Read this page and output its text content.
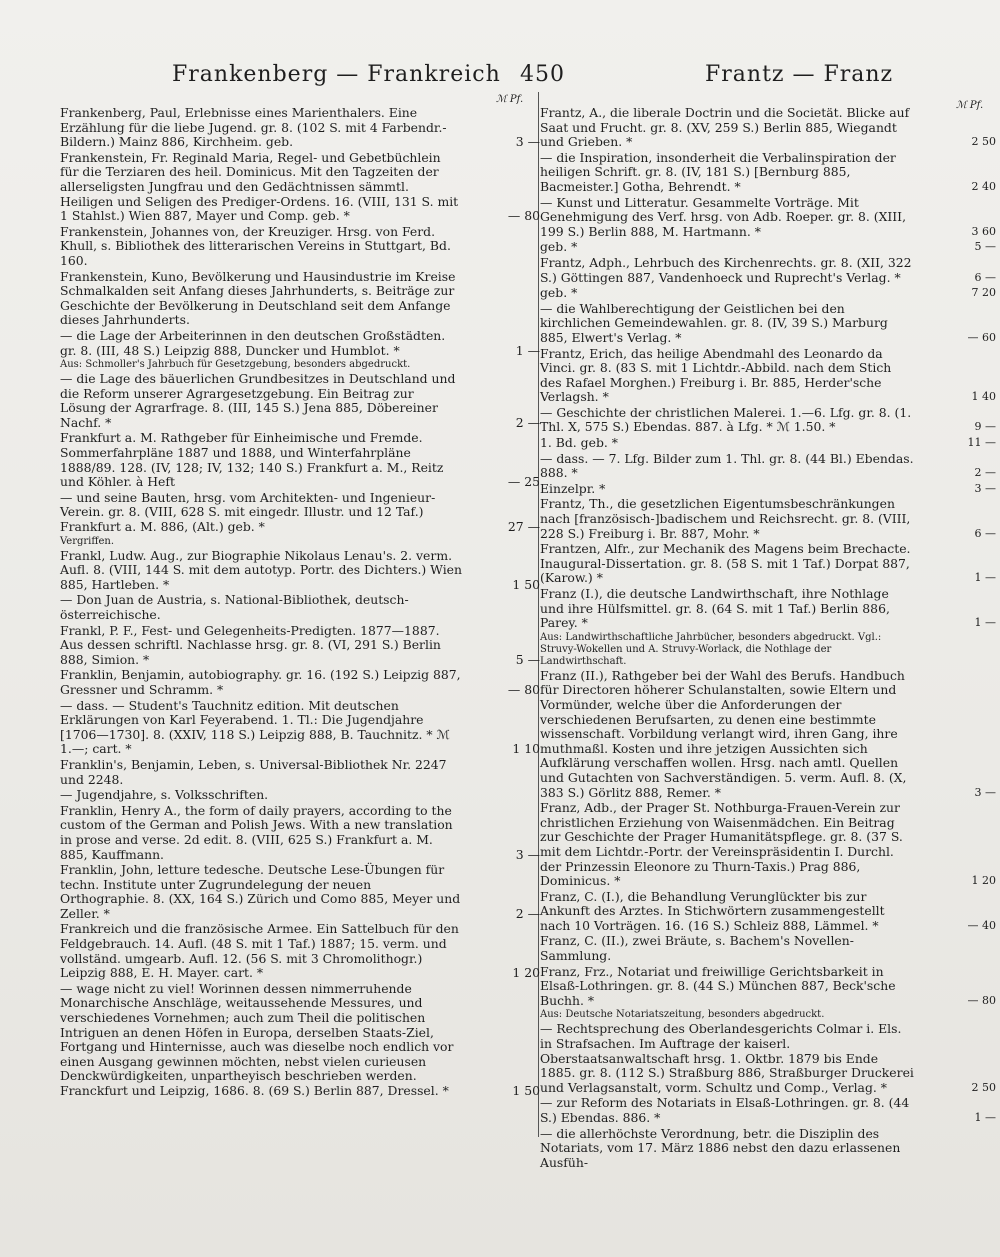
Frankenberg — Frankreich 450	Frantz — Franz
ℳ Pf.
ℳ Pf.
Frankenberg, Paul, Erlebnisse eines Marienthalers. Eine Erzählung für die liebe Jugend. gr. 8. (102 S. mit 4 Farbendr.-Bildern.) Mainz 886, Kirchheim. geb.	3 —
Frankenstein, Fr. Reginald Maria, Regel- und Gebetbüchlein für die Terziaren des heil. Dominicus. Mit den Tagzeiten der allerseligsten Jungfrau und den Gedächtnissen sämmtl. Heiligen und Seligen des Prediger-Ordens. 16. (VIII, 131 S. mit 1 Stahlst.) Wien 887, Mayer und Comp. geb. *	— 80
Frankenstein, Johannes von, der Kreuziger. Hrsg. von Ferd. Khull, s. Bibliothek des litterarischen Vereins in Stuttgart, Bd. 160.
Frankenstein, Kuno, Bevölkerung und Hausindustrie im Kreise Schmalkalden seit Anfang dieses Jahrhunderts, s. Beiträge zur Geschichte der Bevölkerung in Deutschland seit dem Anfange dieses Jahrhunderts.
— die Lage der Arbeiterinnen in den deutschen Großstädten. gr. 8. (III, 48 S.) Leipzig 888, Duncker und Humblot. *	1 —
Aus: Schmoller's Jahrbuch für Gesetzgebung, besonders abgedruckt.
— die Lage des bäuerlichen Grundbesitzes in Deutschland und die Reform unserer Agrargesetzgebung. Ein Beitrag zur Lösung der Agrarfrage. 8. (III, 145 S.) Jena 885, Döbereiner Nachf. *	2 —
Frankfurt a. M. Rathgeber für Einheimische und Fremde. Sommerfahrpläne 1887 und 1888, und Winterfahrpläne 1888/89. 128. (IV, 128; IV, 132; 140 S.) Frankfurt a. M., Reitz und Köhler. à Heft	— 25
— und seine Bauten, hrsg. vom Architekten- und Ingenieur-Verein. gr. 8. (VIII, 628 S. mit eingedr. Illustr. und 12 Taf.) Frankfurt a. M. 886, (Alt.) geb. *	27 —
Vergriffen.
Frankl, Ludw. Aug., zur Biographie Nikolaus Lenau's. 2. verm. Aufl. 8. (VIII, 144 S. mit dem autotyp. Portr. des Dichters.) Wien 885, Hartleben. *	1 50
— Don Juan de Austria, s. National-Bibliothek, deutsch-österreichische.
Frankl, P. F., Fest- und Gelegenheits-Predigten. 1877—1887. Aus dessen schriftl. Nachlasse hrsg. gr. 8. (VI, 291 S.) Berlin 888, Simion. *	5 —
Franklin, Benjamin, autobiography. gr. 16. (192 S.) Leipzig 887, Gressner und Schramm. *	— 80
— dass. — Student's Tauchnitz edition. Mit deutschen Erklärungen von Karl Feyerabend. 1. Tl.: Die Jugendjahre [1706—1730]. 8. (XXIV, 118 S.) Leipzig 888, B. Tauchnitz. * ℳ 1.—; cart. *	1 10
Franklin's, Benjamin, Leben, s. Universal-Bibliothek Nr. 2247 und 2248.
— Jugendjahre, s. Volksschriften.
Franklin, Henry A., the form of daily prayers, according to the custom of the German and Polish Jews. With a new translation in prose and verse. 2d edit. 8. (VIII, 625 S.) Frankfurt a. M. 885, Kauffmann.	3 —
Franklin, John, letture tedesche. Deutsche Lese-Übungen für techn. Institute unter Zugrundelegung der neuen Orthographie. 8. (XX, 164 S.) Zürich und Como 885, Meyer und Zeller. *	2 —
Frankreich und die französische Armee. Ein Sattelbuch für den Feldgebrauch. 14. Aufl. (48 S. mit 1 Taf.) 1887; 15. verm. und vollständ. umgearb. Aufl. 12. (56 S. mit 3 Chromolithogr.) Leipzig 888, E. H. Mayer. cart. *	1 20
— wage nicht zu viel! Worinnen dessen nimmerruhende Monarchische Anschläge, weitaussehende Messures, und verschiedenes Vornehmen; auch zum Theil die politischen Intriguen an denen Höfen in Europa, derselben Staats-Ziel, Fortgang und Hinternisse, auch was dieselbe noch endlich vor einen Ausgang gewinnen möchten, nebst vielen curieusen Denckwürdigkeiten, unpartheyisch beschrieben werden. Franckfurt und Leipzig, 1686. 8. (69 S.) Berlin 887, Dressel. *	1 50
Frantz, A., die liberale Doctrin und die Societät. Blicke auf Saat und Frucht. gr. 8. (XV, 259 S.) Berlin 885, Wiegandt und Grieben. *	2 50
— die Inspiration, insonderheit die Verbalinspiration der heiligen Schrift. gr. 8. (IV, 181 S.) [Bernburg 885, Bacmeister.] Gotha, Behrendt. *	2 40
— Kunst und Litteratur. Gesammelte Vorträge. Mit Genehmigung des Verf. hrsg. von Adb. Roeper. gr. 8. (XIII, 199 S.) Berlin 888, M. Hartmann. *	3 60
geb. *	5 —
Frantz, Adph., Lehrbuch des Kirchenrechts. gr. 8. (XII, 322 S.) Göttingen 887, Vandenhoeck und Ruprecht's Verlag. *	6 —
geb. *	7 20
— die Wahlberechtigung der Geistlichen bei den kirchlichen Gemeindewahlen. gr. 8. (IV, 39 S.) Marburg 885, Elwert's Verlag. *	— 60
Frantz, Erich, das heilige Abendmahl des Leonardo da Vinci. gr. 8. (83 S. mit 1 Lichtdr.-Abbild. nach dem Stich des Rafael Morghen.) Freiburg i. Br. 885, Herder'sche Verlagsh. *	1 40
— Geschichte der christlichen Malerei. 1.—6. Lfg. gr. 8. (1. Thl. X, 575 S.) Ebendas. 887. à Lfg. * ℳ 1.50. *	9 —
1. Bd. geb. *	11 —
— dass. — 7. Lfg. Bilder zum 1. Thl. gr. 8. (44 Bl.) Ebendas. 888. *	2 —
Einzelpr. *	3 —
Frantz, Th., die gesetzlichen Eigentumsbeschränkungen nach [französisch-]badischem und Reichsrecht. gr. 8. (VIII, 228 S.) Freiburg i. Br. 887, Mohr. *	6 —
Frantzen, Alfr., zur Mechanik des Magens beim Brechacte. Inaugural-Dissertation. gr. 8. (58 S. mit 1 Taf.) Dorpat 887, (Karow.) *	1 —
Franz (I.), die deutsche Landwirthschaft, ihre Nothlage und ihre Hülfsmittel. gr. 8. (64 S. mit 1 Taf.) Berlin 886, Parey. *	1 —
Aus: Landwirthschaftliche Jahrbücher, besonders abgedruckt. Vgl.: Struvy-Wokellen und A. Struvy-Worlack, die Nothlage der Landwirthschaft.
Franz (II.), Rathgeber bei der Wahl des Berufs. Handbuch für Directoren höherer Schulanstalten, sowie Eltern und Vormünder, welche über die Anforderungen der verschiedenen Berufsarten, zu denen eine bestimmte wissenschaft. Vorbildung verlangt wird, ihren Gang, ihre muthmaßl. Kosten und ihre jetzigen Aussichten sich Aufklärung verschaffen wollen. Hrsg. nach amtl. Quellen und Gutachten von Sachverständigen. 5. verm. Aufl. 8. (X, 383 S.) Görlitz 888, Remer. *	3 —
Franz, Adb., der Prager St. Nothburga-Frauen-Verein zur christlichen Erziehung von Waisenmädchen. Ein Beitrag zur Geschichte der Prager Humanitätspflege. gr. 8. (37 S. mit dem Lichtdr.-Portr. der Vereinspräsidentin I. Durchl. der Prinzessin Eleonore zu Thurn-Taxis.) Prag 886, Dominicus. *	1 20
Franz, C. (I.), die Behandlung Verunglückter bis zur Ankunft des Arztes. In Stichwörtern zusammengestellt nach 10 Vorträgen. 16. (16 S.) Schleiz 888, Lämmel. *	— 40
Franz, C. (II.), zwei Bräute, s. Bachem's Novellen-Sammlung.
Franz, Frz., Notariat und freiwillige Gerichtsbarkeit in Elsaß-Lothringen. gr. 8. (44 S.) München 887, Beck'sche Buchh. *	— 80
Aus: Deutsche Notariatszeitung, besonders abgedruckt.
— Rechtsprechung des Oberlandesgerichts Colmar i. Els. in Strafsachen. Im Auftrage der kaiserl. Oberstaatsanwaltschaft hrsg. 1. Oktbr. 1879 bis Ende 1885. gr. 8. (112 S.) Straßburg 886, Straßburger Druckerei und Verlagsanstalt, vorm. Schultz und Comp., Verlag. *	2 50
— zur Reform des Notariats in Elsaß-Lothringen. gr. 8. (44 S.) Ebendas. 886. *	1 —
— die allerhöchste Verordnung, betr. die Disziplin des Notariats, vom 17. März 1886 nebst den dazu erlassenen Ausfüh-
